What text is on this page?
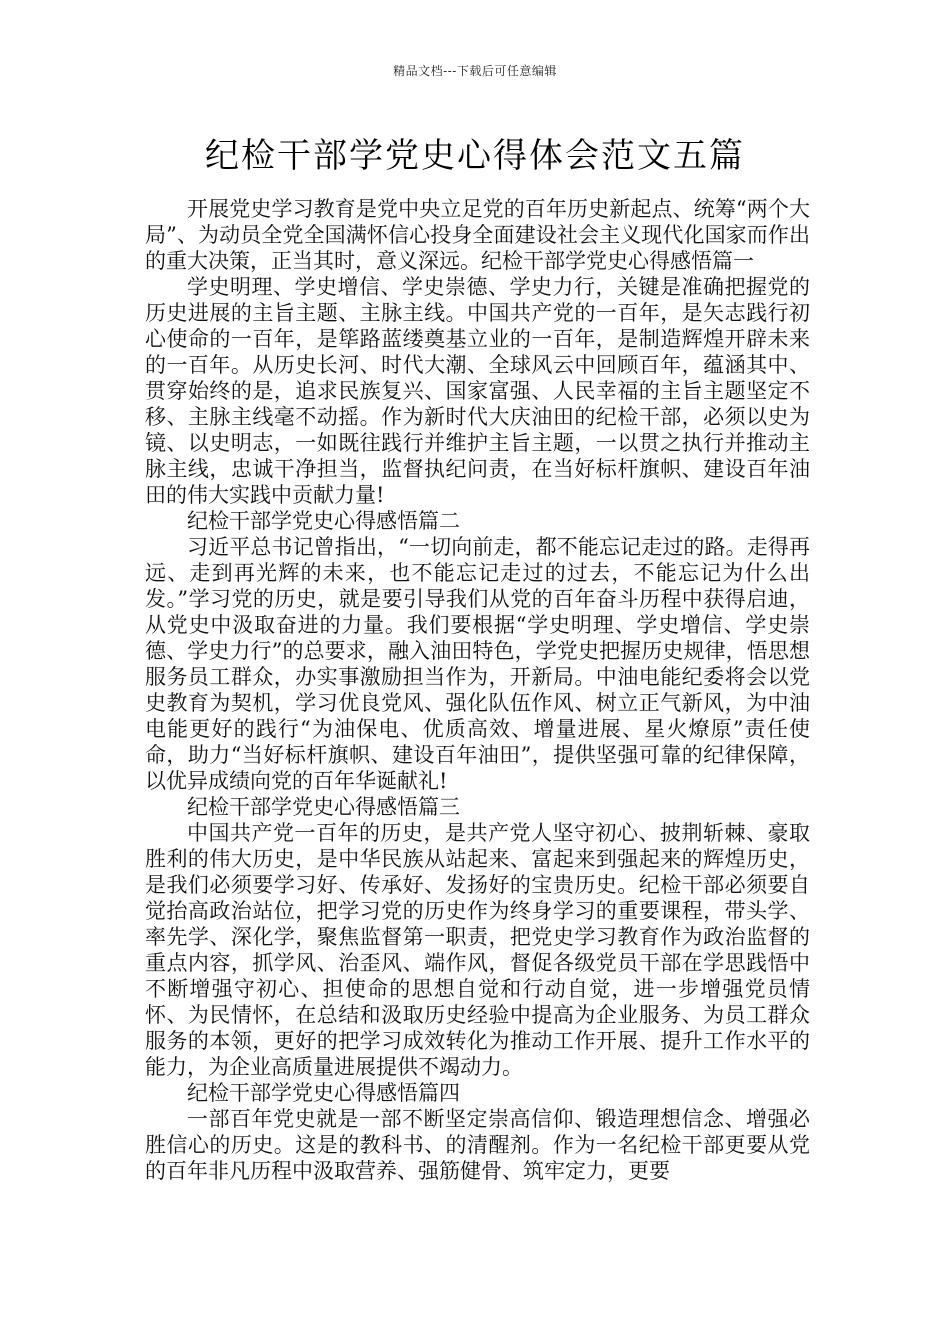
精品文档---下载后可任意编辑
纪检干部学党史心得体会范文五篇

开展党史学习教育是党中央立足党的百年历史新起点、统筹“两个大局”、为动员全党全国满怀信心投身全面建设社会主义现代化国家而作出的重大决策，正当其时，意义深远。纪检干部学党史心得感悟篇一

学史明理、学史增信、学史崇德、学史力行，关键是准确把握党的历史进展的主旨主题、主脉主线。中国共产党的一百年，是矢志践行初心使命的一百年，是筚路蓝缕奠基立业的一百年，是制造辉煌开辟未来的一百年。从历史长河、时代大潮、全球风云中回顾百年，蕴涵其中、贯穿始终的是，追求民族复兴、国家富强、人民幸福的主旨主题坚定不移、主脉主线毫不动摇。作为新时代大庆油田的纪检干部，必须以史为镜、以史明志，一如既往践行并维护主旨主题，一以贯之执行并推动主脉主线，忠诚干净担当，监督执纪问责，在当好标杆旗帜、建设百年油田的伟大实践中贡献力量!

纪检干部学党史心得感悟篇二

习近平总书记曾指出，“一切向前走，都不能忘记走过的路。走得再远、走到再光辉的未来，也不能忘记走过的过去，不能忘记为什么出发。”学习党的历史，就是要引导我们从党的百年奋斗历程中获得启迪，从党史中汲取奋进的力量。我们要根据“学史明理、学史增信、学史崇德、学史力行”的总要求，融入油田特色，学党史把握历史规律，悟思想服务员工群众，办实事激励担当作为，开新局。中油电能纪委将会以党史教育为契机，学习优良党风、强化队伍作风、树立正气新风，为中油电能更好的践行“为油保电、优质高效、增量进展、星火燎原”责任使命，助力“当好标杆旗帜、建设百年油田”，提供坚强可靠的纪律保障，以优异成绩向党的百年华诞献礼!

纪检干部学党史心得感悟篇三

中国共产党一百年的历史，是共产党人坚守初心、披荆斩棘、豪取胜利的伟大历史，是中华民族从站起来、富起来到强起来的辉煌历史，是我们必须要学习好、传承好、发扬好的宝贵历史。纪检干部必须要自觉抬高政治站位，把学习党的历史作为终身学习的重要课程，带头学、率先学、深化学，聚焦监督第一职责，把党史学习教育作为政治监督的重点内容，抓学风、治歪风、端作风，督促各级党员干部在学思践悟中不断增强守初心、担使命的思想自觉和行动自觉，进一步增强党员情怀、为民情怀，在总结和汲取历史经验中提高为企业服务、为员工群众服务的本领，更好的把学习成效转化为推动工作开展、提升工作水平的能力，为企业高质量进展提供不竭动力。

纪检干部学党史心得感悟篇四

一部百年党史就是一部不断坚定崇高信仰、锻造理想信念、增强必胜信心的历史。这是的教科书、的清醒剂。作为一名纪检干部更要从党的百年非凡历程中汲取营养、强筋健骨、筑牢定力，更要
